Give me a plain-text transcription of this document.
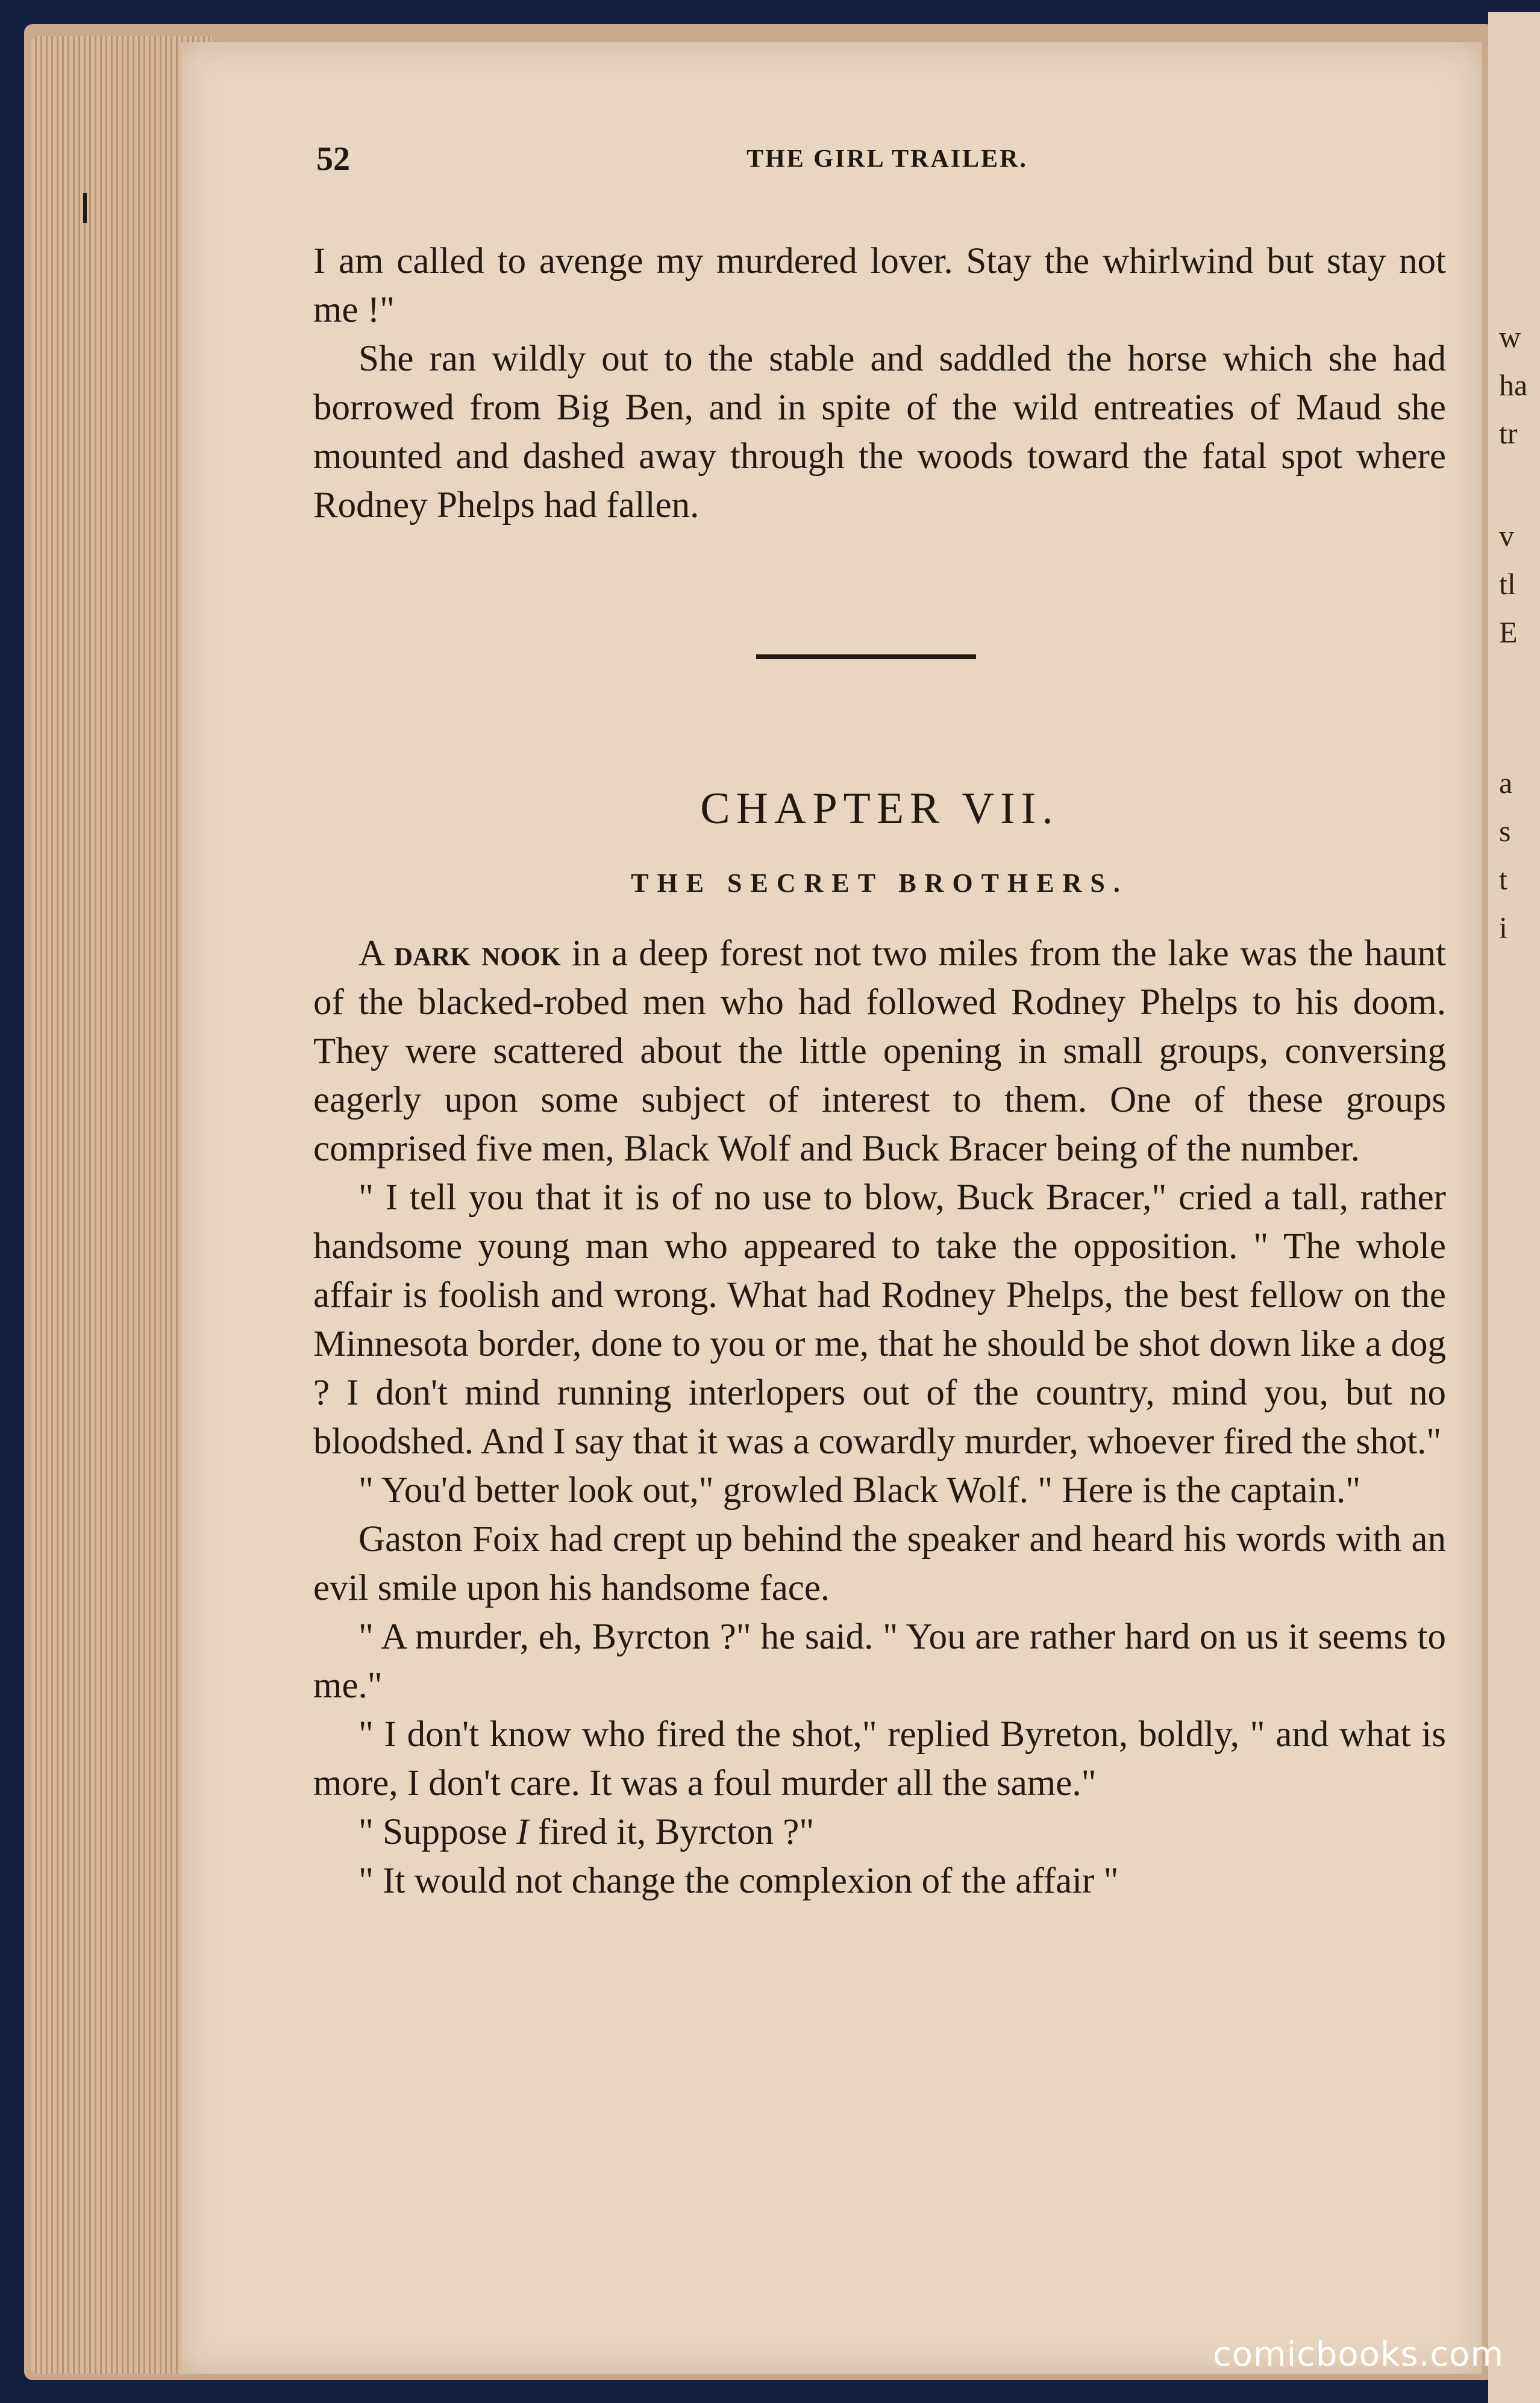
w
ha
tr
v
tl
E
a
s
t
i
52	THE GIRL TRAILER.

I am called to avenge my murdered lover. Stay the whirlwind but stay not me !"

She ran wildly out to the stable and saddled the horse which she had borrowed from Big Ben, and in spite of the wild entreaties of Maud she mounted and dashed away through the woods toward the fatal spot where Rodney Phelps had fallen.

CHAPTER VII.
THE SECRET BROTHERS.

A dark nook in a deep forest not two miles from the lake was the haunt of the blacked-robed men who had followed Rodney Phelps to his doom. They were scattered about the little opening in small groups, conversing eagerly upon some subject of interest to them. One of these groups comprised five men, Black Wolf and Buck Bracer being of the number.

" I tell you that it is of no use to blow, Buck Bracer," cried a tall, rather handsome young man who appeared to take the opposition. " The whole affair is foolish and wrong. What had Rodney Phelps, the best fellow on the Minnesota border, done to you or me, that he should be shot down like a dog ? I don't mind running interlopers out of the country, mind you, but no bloodshed. And I say that it was a cowardly murder, whoever fired the shot."

" You'd better look out," growled Black Wolf. " Here is the captain."

Gaston Foix had crept up behind the speaker and heard his words with an evil smile upon his handsome face.

" A murder, eh, Byrcton ?" he said. " You are rather hard on us it seems to me."

" I don't know who fired the shot," replied Byreton, boldly, " and what is more, I don't care. It was a foul murder all the same."

" Suppose I fired it, Byrcton ?"

" It would not change the complexion of the affair "

comicbooks.com
